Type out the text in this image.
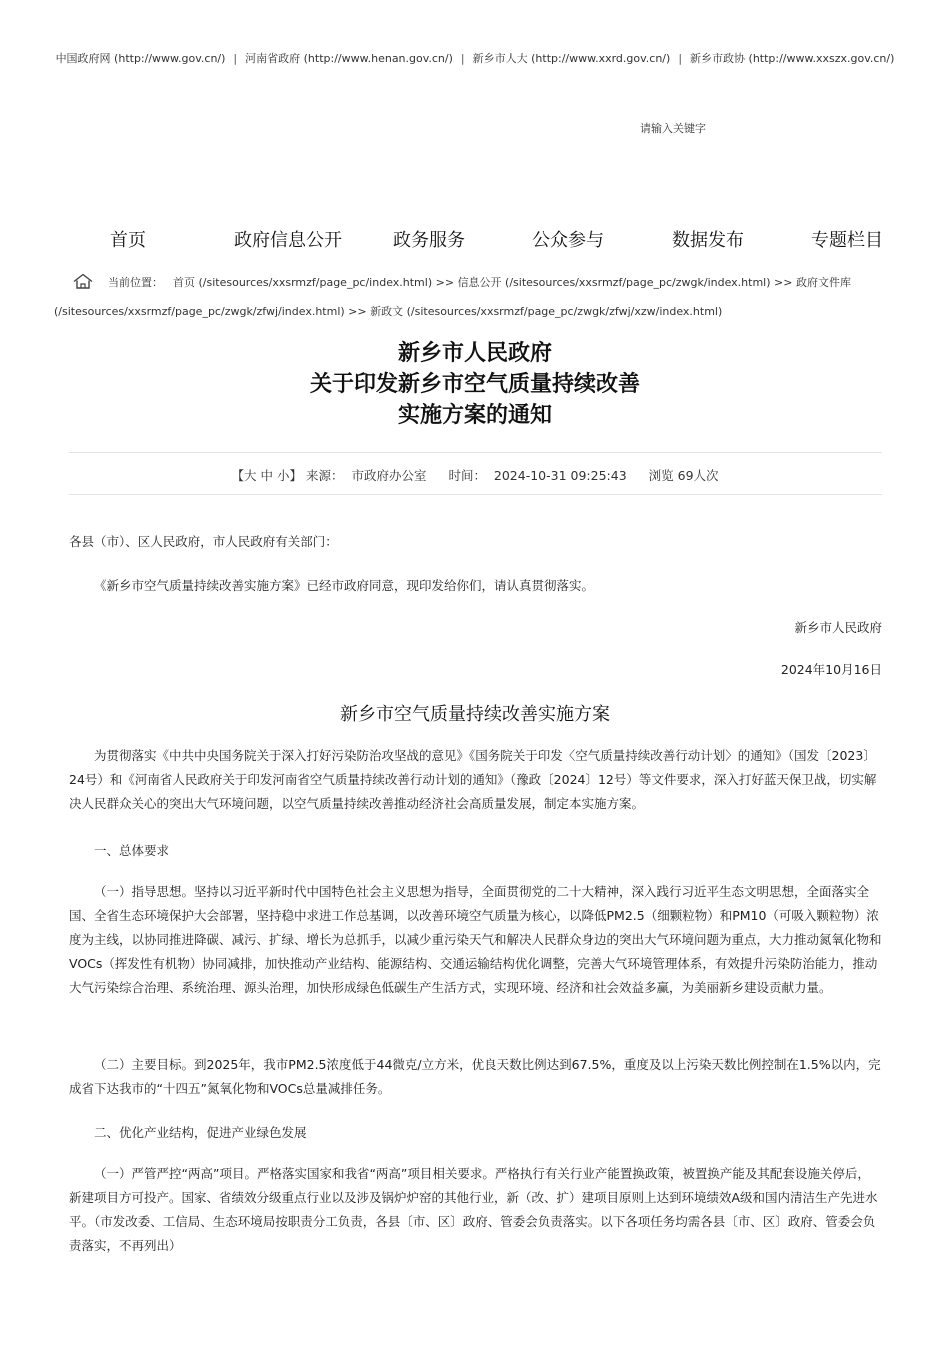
中国政府网 (http://www.gov.cn/) | 河南省政府 (http://www.henan.gov.cn/) | 新乡市人大 (http://www.xxrd.gov.cn/) | 新乡市政协 (http://www.xxszx.gov.cn/)
请输入关键字
首页	政府信息公开	政务服务	公众参与	数据发布	专题栏目
当前位置： 首页 (/sitesources/xxsrmzf/page_pc/index.html) >> 信息公开 (/sitesources/xxsrmzf/page_pc/zwgk/index.html) >> 政府文件库 (/sitesources/xxsrmzf/page_pc/zwgk/zfwj/index.html) >> 新政文 (/sitesources/xxsrmzf/page_pc/zwgk/zfwj/xzw/index.html)
新乡市人民政府
关于印发新乡市空气质量持续改善
实施方案的通知
【大 中 小】 来源：  市政府办公室 时间：  2024-10-31 09:25:43 浏览 69人次

各县（市）、区人民政府，市人民政府有关部门：

《新乡市空气质量持续改善实施方案》已经市政府同意，现印发给你们，请认真贯彻落实。

新乡市人民政府

2024年10月16日

新乡市空气质量持续改善实施方案

为贯彻落实《中共中央国务院关于深入打好污染防治攻坚战的意见》《国务院关于印发〈空气质量持续改善行动计划〉的通知》（国发〔2023〕24号）和《河南省人民政府关于印发河南省空气质量持续改善行动计划的通知》（豫政〔2024〕12号）等文件要求，深入打好蓝天保卫战，切实解决人民群众关心的突出大气环境问题，以空气质量持续改善推动经济社会高质量发展，制定本实施方案。

一、总体要求

（一）指导思想。坚持以习近平新时代中国特色社会主义思想为指导，全面贯彻党的二十大精神，深入践行习近平生态文明思想，全面落实全国、全省生态环境保护大会部署，坚持稳中求进工作总基调，以改善环境空气质量为核心，以降低PM2.5（细颗粒物）和PM10（可吸入颗粒物）浓度为主线，以协同推进降碳、减污、扩绿、增长为总抓手，以减少重污染天气和解决人民群众身边的突出大气环境问题为重点，大力推动氮氧化物和VOCs（挥发性有机物）协同减排，加快推动产业结构、能源结构、交通运输结构优化调整，完善大气环境管理体系，有效提升污染防治能力，推动大气污染综合治理、系统治理、源头治理，加快形成绿色低碳生产生活方式，实现环境、经济和社会效益多赢，为美丽新乡建设贡献力量。

（二）主要目标。到2025年，我市PM2.5浓度低于44微克/立方米，优良天数比例达到67.5%，重度及以上污染天数比例控制在1.5%以内，完成省下达我市的“十四五”氮氧化物和VOCs总量减排任务。

二、优化产业结构，促进产业绿色发展

（一）严管严控“两高”项目。严格落实国家和我省“两高”项目相关要求。严格执行有关行业产能置换政策，被置换产能及其配套设施关停后，新建项目方可投产。国家、省绩效分级重点行业以及涉及锅炉炉窑的其他行业，新（改、扩）建项目原则上达到环境绩效A级和国内清洁生产先进水平。（市发改委、工信局、生态环境局按职责分工负责，各县〔市、区〕政府、管委会负责落实。以下各项任务均需各县〔市、区〕政府、管委会负责落实，不再列出）
